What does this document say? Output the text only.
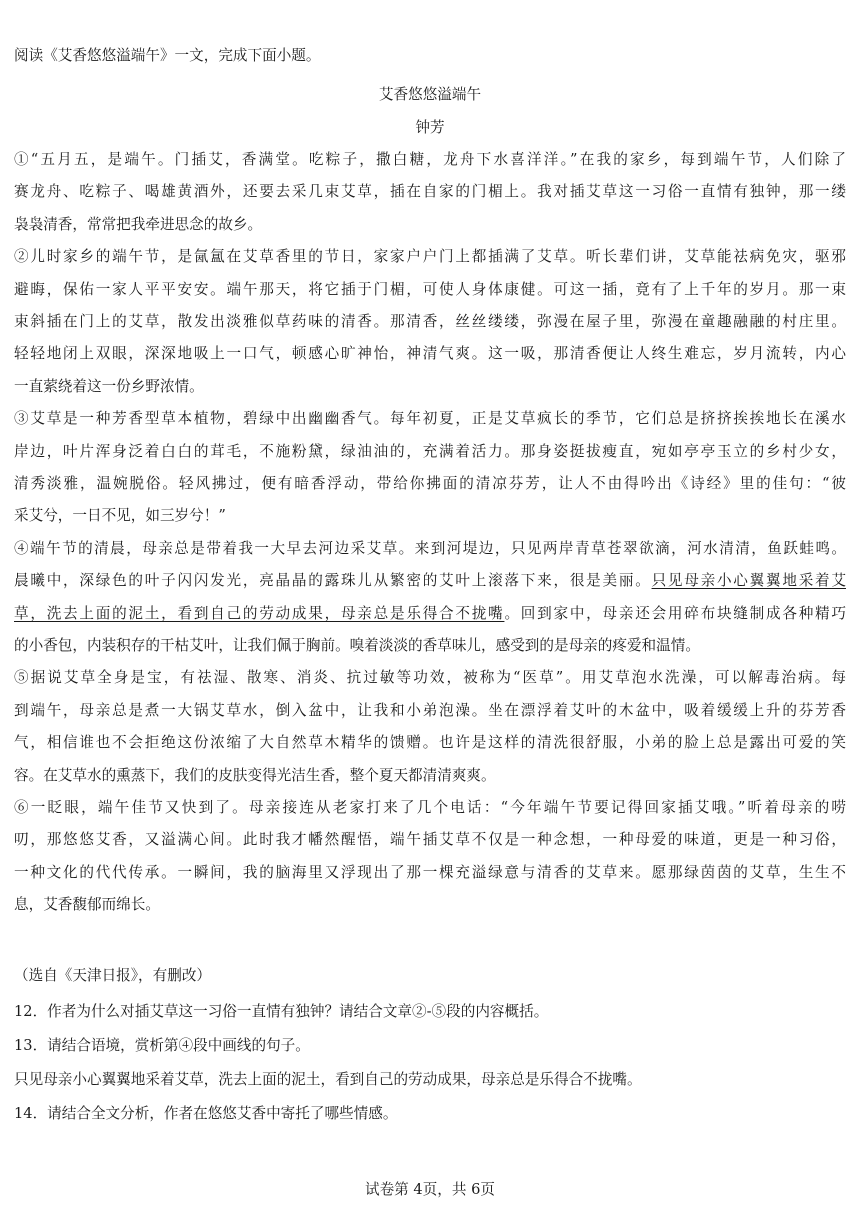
阅读《艾香悠悠溢端午》一文，完成下面小题。
艾香悠悠溢端午
钟芳
①“五月五，是端午。门插艾，香满堂。吃粽子，撒白糖，龙舟下水喜洋洋。”在我的家乡，每到端午节，人们除了
赛龙舟、吃粽子、喝雄黄酒外，还要去采几束艾草，插在自家的门楣上。我对插艾草这一习俗一直情有独钟，那一缕
袅袅清香，常常把我牵进思念的故乡。
②儿时家乡的端午节，是氤氲在艾草香里的节日，家家户户门上都插满了艾草。听长辈们讲，艾草能祛病免灾，驱邪
避晦，保佑一家人平平安安。端午那天，将它插于门楣，可使人身体康健。可这一插，竟有了上千年的岁月。那一束
束斜插在门上的艾草，散发出淡雅似草药味的清香。那清香，丝丝缕缕，弥漫在屋子里，弥漫在童趣融融的村庄里。
轻轻地闭上双眼，深深地吸上一口气，顿感心旷神怡，神清气爽。这一吸，那清香便让人终生难忘，岁月流转，内心
一直萦绕着这一份乡野浓情。
③艾草是一种芳香型草本植物，碧绿中出幽幽香气。每年初夏，正是艾草疯长的季节，它们总是挤挤挨挨地长在溪水
岸边，叶片浑身泛着白白的茸毛，不施粉黛，绿油油的，充满着活力。那身姿挺拔瘦直，宛如亭亭玉立的乡村少女，
清秀淡雅，温婉脱俗。轻风拂过，便有暗香浮动，带给你拂面的清凉芬芳，让人不由得吟出《诗经》里的佳句：“彼
采艾兮，一日不见，如三岁兮！”
④端午节的清晨，母亲总是带着我一大早去河边采艾草。来到河堤边，只见两岸青草苍翠欲滴，河水清清，鱼跃蛙鸣。
晨曦中，深绿色的叶子闪闪发光，亮晶晶的露珠儿从繁密的艾叶上滚落下来，很是美丽。只见母亲小心翼翼地采着艾
草，洗去上面的泥土，看到自己的劳动成果，母亲总是乐得合不拢嘴。回到家中，母亲还会用碎布块缝制成各种精巧
的小香包，内装积存的干枯艾叶，让我们佩于胸前。嗅着淡淡的香草味儿，感受到的是母亲的疼爱和温情。
⑤据说艾草全身是宝，有祛湿、散寒、消炎、抗过敏等功效，被称为“医草”。用艾草泡水洗澡，可以解毒治病。每
到端午，母亲总是煮一大锅艾草水，倒入盆中，让我和小弟泡澡。坐在漂浮着艾叶的木盆中，吸着缓缓上升的芬芳香
气，相信谁也不会拒绝这份浓缩了大自然草木精华的馈赠。也许是这样的清洗很舒服，小弟的脸上总是露出可爱的笑
容。在艾草水的熏蒸下，我们的皮肤变得光洁生香，整个夏天都清清爽爽。
⑥一眨眼，端午佳节又快到了。母亲接连从老家打来了几个电话：“今年端午节要记得回家插艾哦。”听着母亲的唠
叨，那悠悠艾香，又溢满心间。此时我才幡然醒悟，端午插艾草不仅是一种念想，一种母爱的味道，更是一种习俗，
一种文化的代代传承。一瞬间，我的脑海里又浮现出了那一棵充溢绿意与清香的艾草来。愿那绿茵茵的艾草，生生不
息，艾香馥郁而绵长。
（选自《天津日报》，有删改）
12．作者为什么对插艾草这一习俗一直情有独钟？请结合文章②-⑤段的内容概括。
13．请结合语境，赏析第④段中画线的句子。
只见母亲小心翼翼地采着艾草，洗去上面的泥土，看到自己的劳动成果，母亲总是乐得合不拢嘴。
14．请结合全文分析，作者在悠悠艾香中寄托了哪些情感。
试卷第 4页，共 6页
